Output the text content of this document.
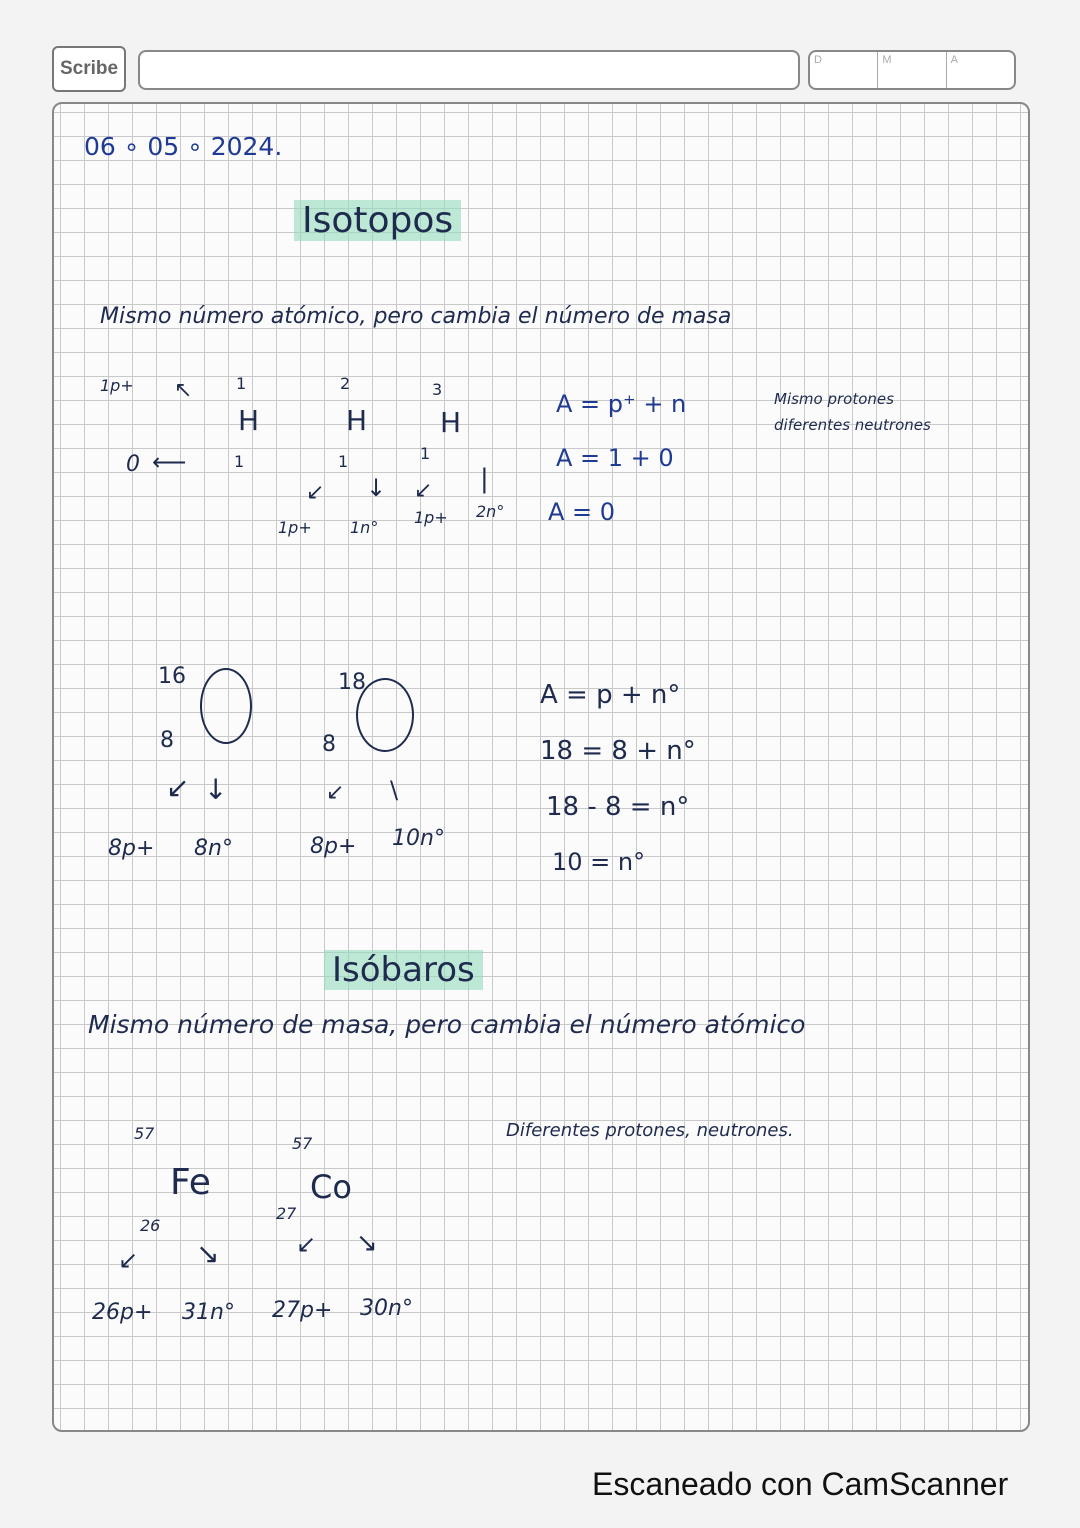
Scribe	D	M	A
06 ∘ 05 ∘ 2024.
Isotopos
Mismo número atómico, pero cambia el número de masa
1p+ ↖
0 ⟵
1
H
1
2
H
1
3
H
1
↙ ↓ ↙ |
1p+ 1n°
1p+ 2n°
A = p⁺ + n
A = 1 + 0
A = 0
Mismo protones
diferentes neutrones
16
8
↙ ↓
8p+ 8n°
18
8
↙ \
8p+ 10n°
A = p + n°
18 = 8 + n°
18 - 8 = n°
10 = n°
Isóbaros
Mismo número de masa, pero cambia el número atómico
Diferentes protones, neutrones.
57
Fe
26
↙ ↘
26p+ 31n°
57
Co
27
↙ ↘
27p+ 30n°
Escaneado con CamScanner
